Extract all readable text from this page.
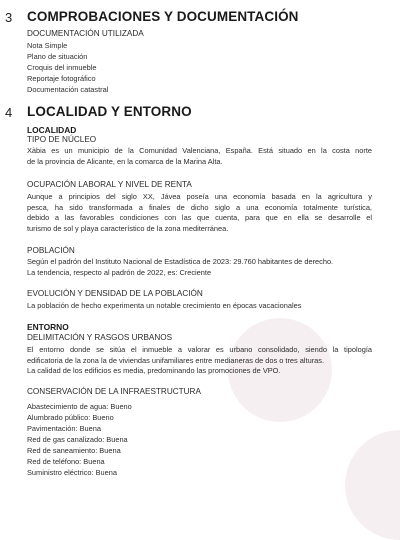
3 COMPROBACIONES Y DOCUMENTACIÓN
DOCUMENTACIÓN UTILIZADA
Nota Simple
Plano de situación
Croquis del inmueble
Reportaje fotográfico
Documentación catastral
4 LOCALIDAD Y ENTORNO
LOCALIDAD
TIPO DE NÚCLEO
Xàbia es un municipio de la Comunidad Valenciana, España. Está situado en la costa norte
de la provincia de Alicante, en la comarca de la Marina Alta.
OCUPACIÓN LABORAL Y NIVEL DE RENTA
Aunque a principios del siglo XX, Jávea poseía una economía basada en la agricultura y
pesca, ha sido transformada a finales de dicho siglo a una economía totalmente turística,
debido a las favorables condiciones con las que cuenta, para que en ella se desarrolle el
turismo de sol y playa característico de la zona mediterránea.
POBLACIÓN
Según el padrón del Instituto Nacional de Estadística de 2023: 29.760 habitantes de derecho.
La tendencia, respecto al padrón de 2022, es: Creciente
EVOLUCIÓN Y DENSIDAD DE LA POBLACIÓN
La población de hecho experimenta un notable crecimiento en épocas vacacionales
ENTORNO
DELIMITACIÓN Y RASGOS URBANOS
El entorno donde se sitúa el inmueble a valorar es urbano consolidado, siendo la tipología
edificatoria de la zona la de viviendas unifamiliares entre medianeras de dos o tres alturas.
La calidad de los edificios es media, predominando las promociones de VPO.
CONSERVACIÓN DE LA INFRAESTRUCTURA
Abastecimiento de agua: Bueno
Alumbrado público: Bueno
Pavimentación: Buena
Red de gas canalizado: Buena
Red de saneamiento: Buena
Red de teléfono: Buena
Suministro eléctrico: Buena
